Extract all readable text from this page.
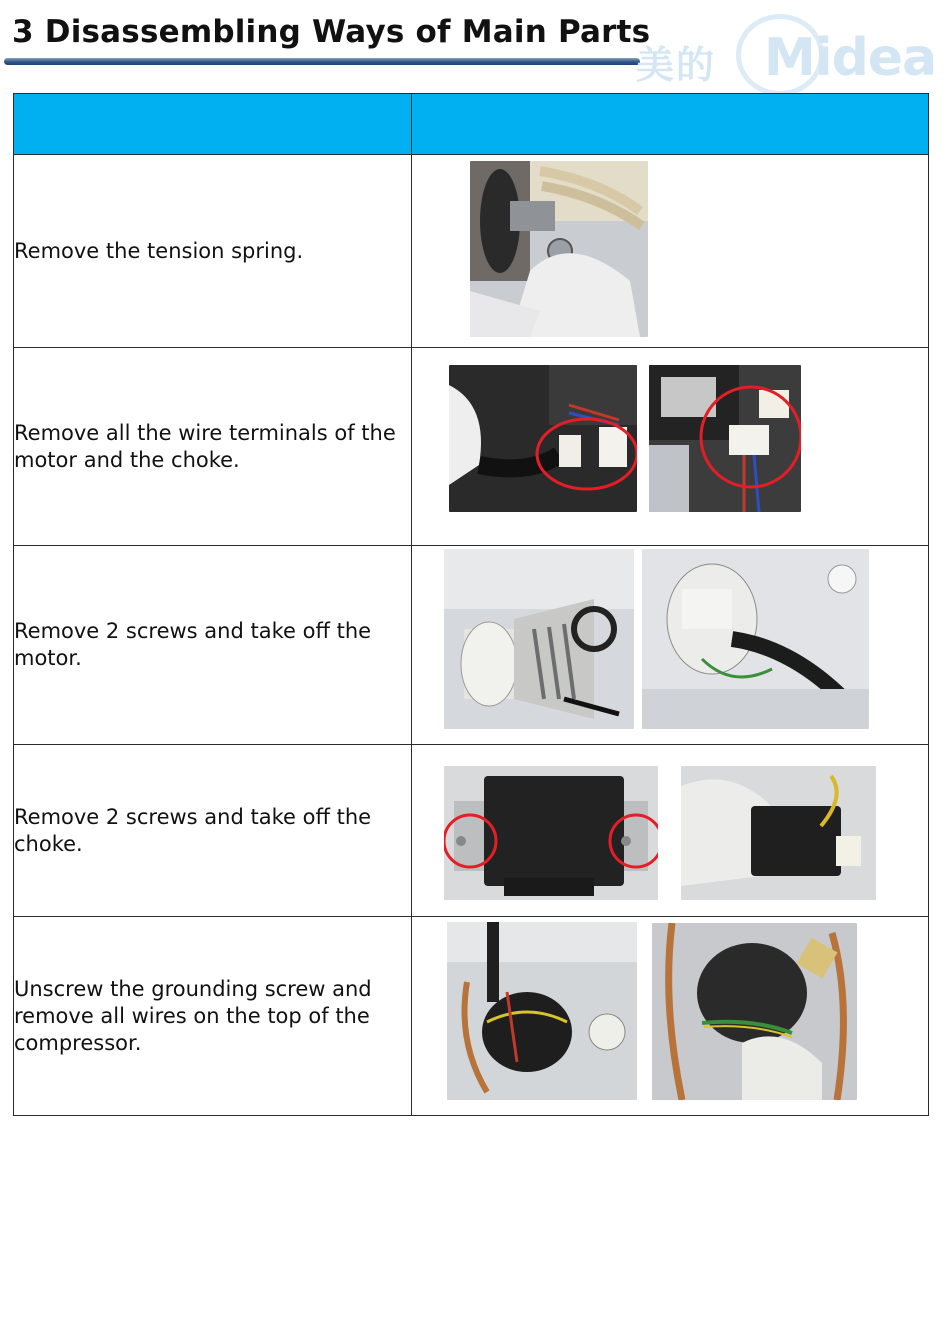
3 Disassembling Ways of Main Parts
美的 Midea

Remove the tension spring.	

Remove all the wire terminals of the motor and the choke.	

Remove 2 screws and take off the motor.	

Remove 2 screws and take off the choke.	

Unscrew the grounding screw and remove all wires on the top of the compressor.	
